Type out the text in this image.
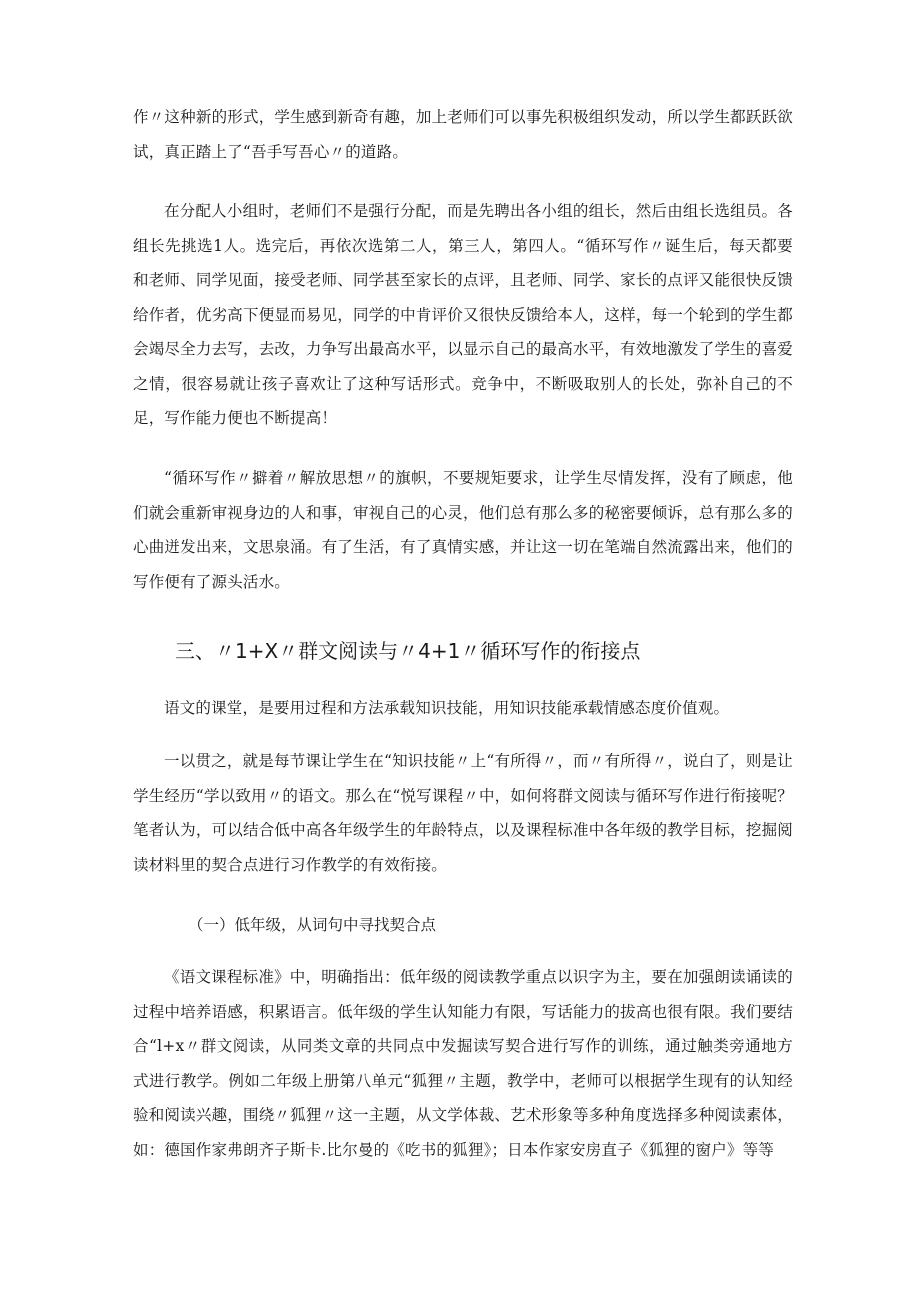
作〃这种新的形式，学生感到新奇有趣，加上老师们可以事先积极组织发动，所以学生都跃跃欲试，真正踏上了“吾手写吾心〃的道路。

在分配人小组时，老师们不是强行分配，而是先聘出各小组的组长，然后由组长选组员。各组长先挑选1人。选完后，再依次选第二人，第三人，第四人。“循环写作〃诞生后，每天都要和老师、同学见面，接受老师、同学甚至家长的点评，且老师、同学、家长的点评又能很快反馈给作者，优劣高下便显而易见，同学的中肯评价又很快反馈给本人，这样，每一个轮到的学生都会竭尽全力去写，去改，力争写出最高水平，以显示自己的最高水平，有效地激发了学生的喜爱之情，很容易就让孩子喜欢让了这种写话形式。竞争中，不断吸取别人的长处，弥补自己的不足，写作能力便也不断提高！

“循环写作〃擗着〃解放思想〃的旗帜，不要规矩要求，让学生尽情发挥，没有了顾虑，他们就会重新审视身边的人和事，审视自己的心灵，他们总有那么多的秘密要倾诉，总有那么多的心曲迸发出来，文思泉涌。有了生活，有了真情实感，并让这一切在笔端自然流露出来，他们的写作便有了源头活水。

三、〃1+X〃群文阅读与〃4+1〃循环写作的衔接点

语文的课堂，是要用过程和方法承载知识技能，用知识技能承载情感态度价值观。

一以贯之，就是每节课让学生在“知识技能〃上“有所得〃，而〃有所得〃，说白了，则是让学生经历“学以致用〃的语文。那么在“悦写课程〃中，如何将群文阅读与循环写作进行衔接呢？笔者认为，可以结合低中高各年级学生的年龄特点，以及课程标准中各年级的教学目标，挖掘阅读材料里的契合点进行习作教学的有效衔接。

（一）低年级，从词句中寻找契合点

《语文课程标准》中，明确指出：低年级的阅读教学重点以识字为主，要在加强朗读诵读的过程中培养语感，积累语言。低年级的学生认知能力有限，写话能力的拔高也很有限。我们要结合“l+x〃群文阅读，从同类文章的共同点中发掘读写契合进行写作的训练，通过触类旁通地方式进行教学。例如二年级上册第八单元“狐狸〃主题，教学中，老师可以根据学生现有的认知经验和阅读兴趣，围绕〃狐狸〃这一主题，从文学体裁、艺术形象等多种角度选择多种阅读素体，如：德国作家弗朗齐子斯卡.比尔曼的《吃书的狐狸》；日本作家安房直子《狐狸的窗户》等等
